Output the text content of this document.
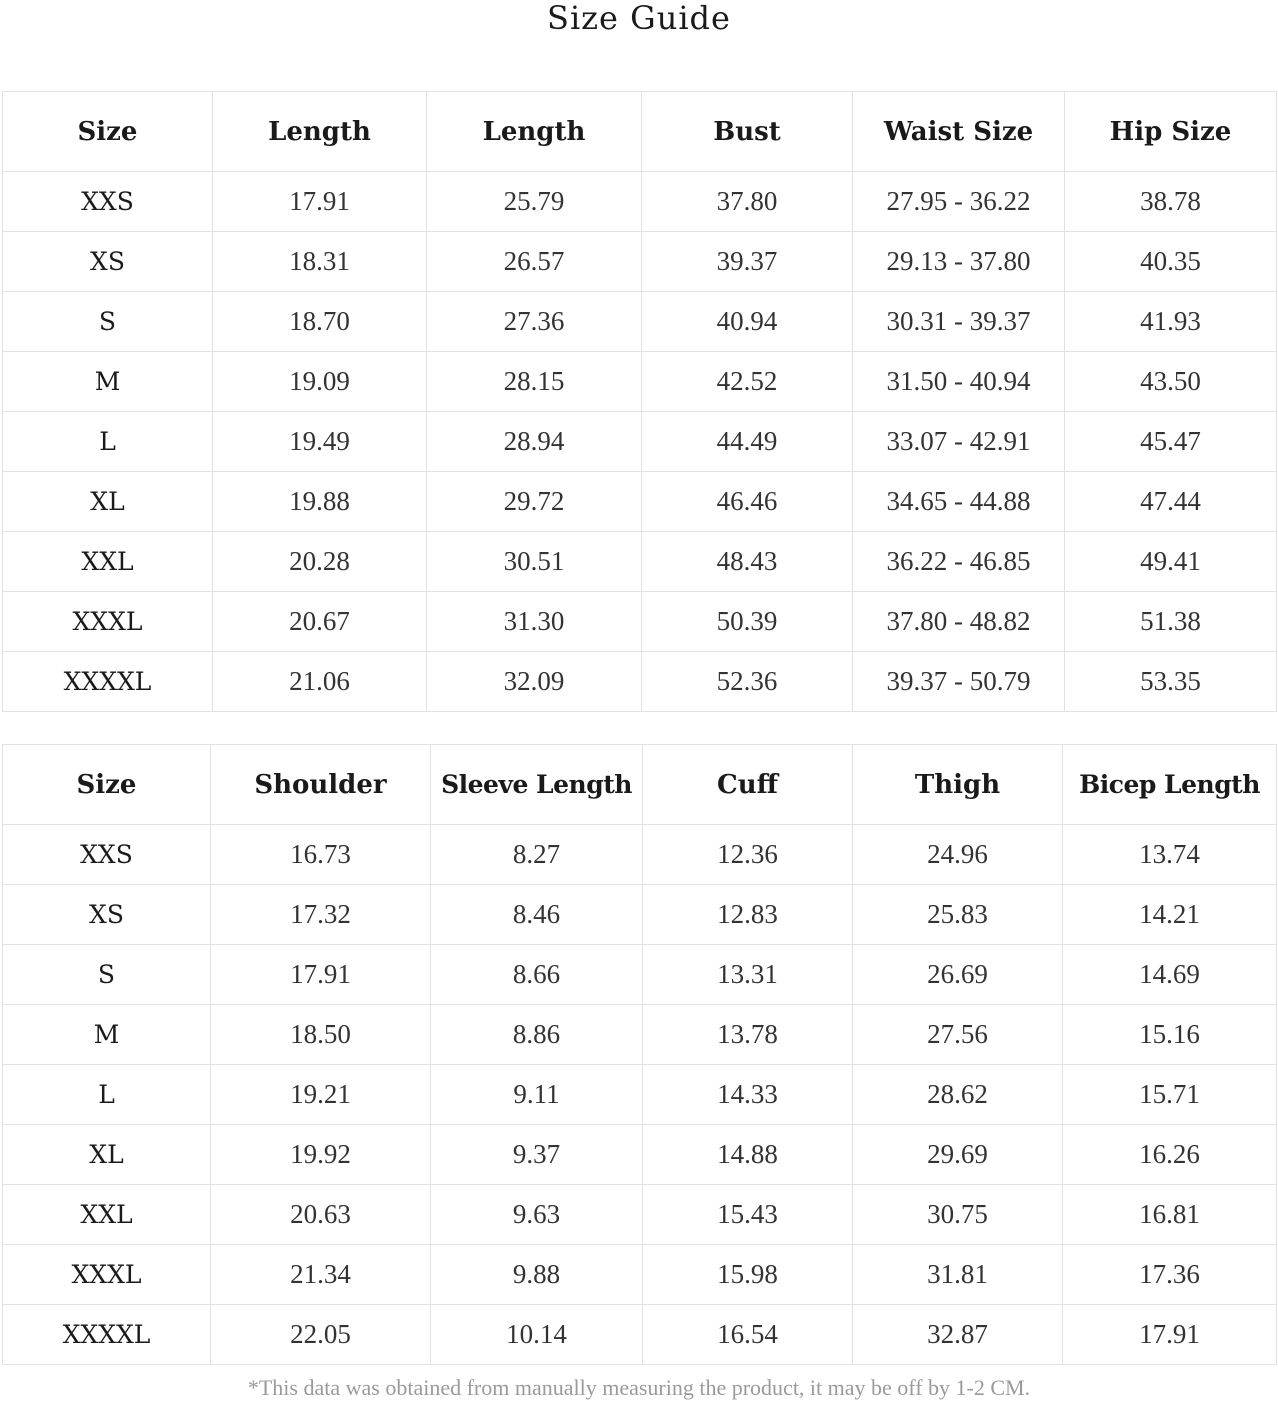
Size Guide
Size	Length	Length	Bust	Waist Size	Hip Size
XXS	17.91	25.79	37.80	27.95 - 36.22	38.78
XS	18.31	26.57	39.37	29.13 - 37.80	40.35
S	18.70	27.36	40.94	30.31 - 39.37	41.93
M	19.09	28.15	42.52	31.50 - 40.94	43.50
L	19.49	28.94	44.49	33.07 - 42.91	45.47
XL	19.88	29.72	46.46	34.65 - 44.88	47.44
XXL	20.28	30.51	48.43	36.22 - 46.85	49.41
XXXL	20.67	31.30	50.39	37.80 - 48.82	51.38
XXXXL	21.06	32.09	52.36	39.37 - 50.79	53.35
Size	Shoulder	Sleeve Length	Cuff	Thigh	Bicep Length
XXS	16.73	8.27	12.36	24.96	13.74
XS	17.32	8.46	12.83	25.83	14.21
S	17.91	8.66	13.31	26.69	14.69
M	18.50	8.86	13.78	27.56	15.16
L	19.21	9.11	14.33	28.62	15.71
XL	19.92	9.37	14.88	29.69	16.26
XXL	20.63	9.63	15.43	30.75	16.81
XXXL	21.34	9.88	15.98	31.81	17.36
XXXXL	22.05	10.14	16.54	32.87	17.91
*This data was obtained from manually measuring the product, it may be off by 1-2 CM.
